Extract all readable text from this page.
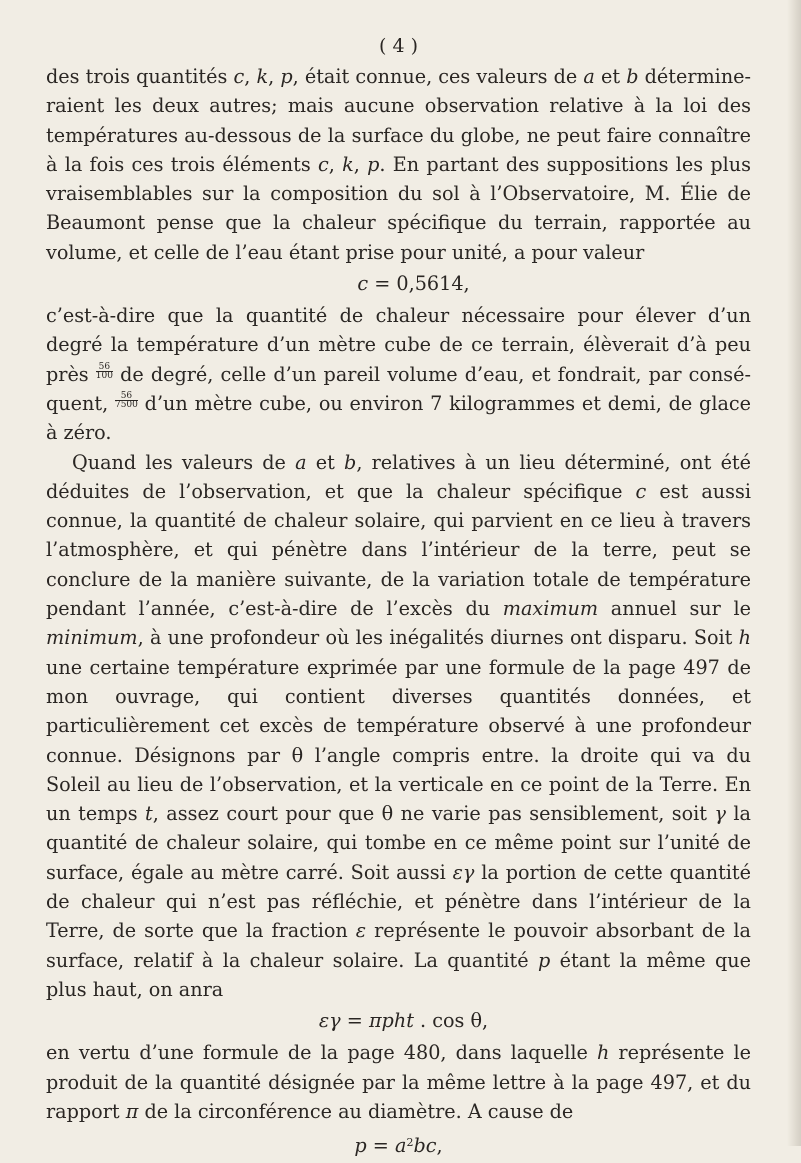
( 4 )

des trois quantités c, k, p, était connue, ces valeurs de a et b détermineraient les deux autres; mais aucune observation relative à la loi des températures au-dessous de la surface du globe, ne peut faire connaître à la fois ces trois éléments c, k, p. En partant des suppositions les plus vraisemblables sur la composition du sol à l’Observatoire, M. Élie de Beaumont pense que la chaleur spécifique du terrain, rapportée au volume, et celle de l’eau étant prise pour unité, a pour valeur

c = 0,5614,

c’est-à-dire que la quantité de chaleur nécessaire pour élever d’un degré la température d’un mètre cube de ce terrain, élèverait d’à peu près $\frac{56}{100}$ de degré, celle d’un pareil volume d’eau, et fondrait, par conséquent, $\frac{56}{7500}$ d’un mètre cube, ou environ 7 kilogrammes et demi, de glace à zéro.

Quand les valeurs de a et b, relatives à un lieu déterminé, ont été déduites de l’observation, et que la chaleur spécifique c est aussi connue, la quantité de chaleur solaire, qui parvient en ce lieu à travers l’atmosphère, et qui pénètre dans l’intérieur de la terre, peut se conclure de la manière suivante, de la variation totale de température pendant l’année, c’est-à-dire de l’excès du maximum annuel sur le minimum, à une profondeur où les inégalités diurnes ont disparu. Soit h une certaine température exprimée par une formule de la page 497 de mon ouvrage, qui contient diverses quantités données, et particulièrement cet excès de température observé à une profondeur connue. Désignons par θ l’angle compris entre. la droite qui va du Soleil au lieu de l’observation, et la verticale en ce point de la Terre. En un temps t, assez court pour que θ ne varie pas sensiblement, soit γ la quantité de chaleur solaire, qui tombe en ce même point sur l’unité de surface, égale au mètre carré. Soit aussi εγ la portion de cette quantité de chaleur qui n’est pas réfléchie, et pénètre dans l’intérieur de la Terre, de sorte que la fraction ε représente le pouvoir absorbant de la surface, relatif à la chaleur solaire. La quantité p étant la même que plus haut, on anra

εγ = πpht . cos θ,

en vertu d’une formule de la page 480, dans laquelle h représente le produit de la quantité désignée par la même lettre à la page 497, et du rapport π de la circonférence au diamètre. A cause de

$p = a^2bc$,
